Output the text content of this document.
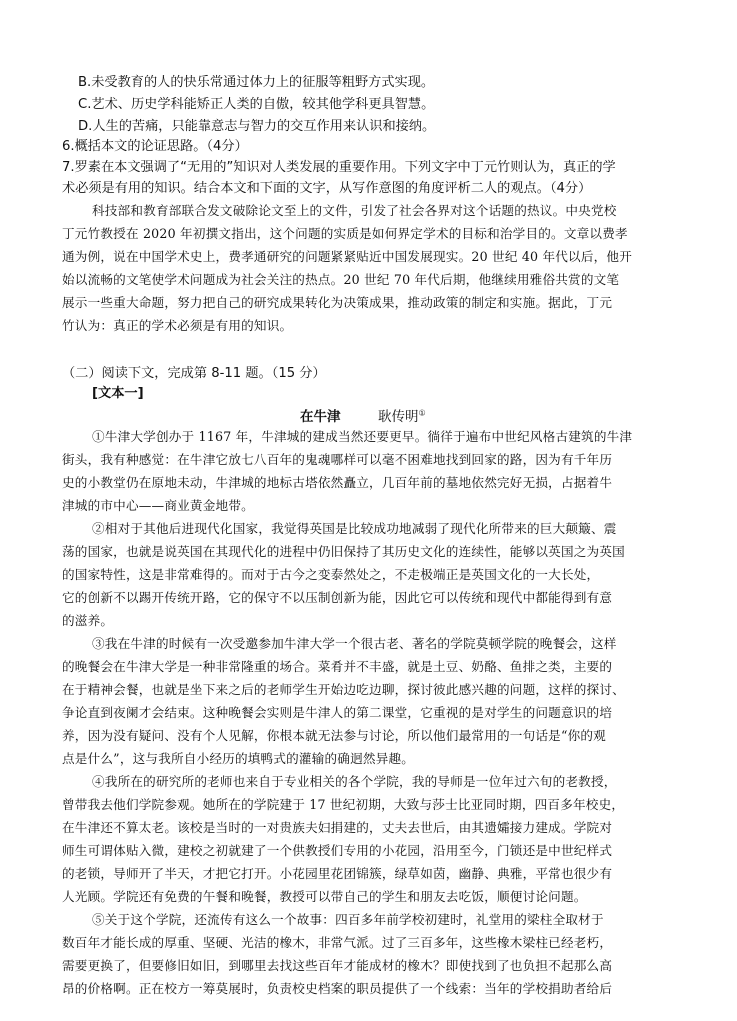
B.未受教育的人的快乐常通过体力上的征服等粗野方式实现。
C.艺术、历史学科能矫正人类的自傲，较其他学科更具智慧。
D.人生的苦痛，只能靠意志与智力的交互作用来认识和接纳。
6.概括本文的论证思路。（4分）
7.罗素在本文强调了“无用的”知识对人类发展的重要作用。下列文字中丁元竹则认为，真正的学
术必须是有用的知识。结合本文和下面的文字，从写作意图的角度评析二人的观点。（4分）
科技部和教育部联合发文破除论文至上的文件，引发了社会各界对这个话题的热议。中央党校
丁元竹教授在 2020 年初撰文指出，这个问题的实质是如何界定学术的目标和治学目的。文章以费孝
通为例，说在中国学术史上，费孝通研究的问题紧紧贴近中国发展现实。20 世纪 40 年代以后，他开
始以流畅的文笔使学术问题成为社会关注的热点。20 世纪 70 年代后期，他继续用雅俗共赏的文笔
展示一些重大命题，努力把自己的研究成果转化为决策成果，推动政策的制定和实施。据此，丁元
竹认为：真正的学术必须是有用的知识。
（二）阅读下文，完成第 8-11 题。（15 分）
[文本一]
在牛津	耿传明①
①牛津大学创办于 1167 年，牛津城的建成当然还要更早。徜徉于遍布中世纪风格古建筑的牛津
街头，我有种感觉：在牛津它放七八百年的鬼魂哪样可以毫不困难地找到回家的路，因为有千年历
史的小教堂仍在原地未动，牛津城的地标古塔依然矗立，几百年前的墓地依然完好无损，占据着牛
津城的市中心——商业黄金地带。
②相对于其他后进现代化国家，我觉得英国是比较成功地减弱了现代化所带来的巨大颠簸、震
荡的国家，也就是说英国在其现代化的进程中仍旧保持了其历史文化的连续性，能够以英国之为英国
的国家特性，这是非常难得的。而对于古今之变泰然处之，不走极端正是英国文化的一大长处，
它的创新不以踢开传统开路，它的保守不以压制创新为能，因此它可以传统和现代中都能得到有意
的滋养。
③我在牛津的时候有一次受邀参加牛津大学一个很古老、著名的学院莫顿学院的晚餐会，这样
的晚餐会在牛津大学是一种非常隆重的场合。菜肴并不丰盛，就是土豆、奶酪、鱼排之类，主要的
在于精神会餐，也就是坐下来之后的老师学生开始边吃边聊，探讨彼此感兴趣的问题，这样的探讨、
争论直到夜阑才会结束。这种晚餐会实则是牛津人的第二课堂，它重视的是对学生的问题意识的培
养，因为没有疑问、没有个人见解，你根本就无法参与讨论，所以他们最常用的一句话是“你的观
点是什么”，这与我所自小经历的填鸭式的灌输的确迥然异趣。
④我所在的研究所的老师也来自于专业相关的各个学院，我的导师是一位年过六旬的老教授，
曾带我去他们学院参观。她所在的学院建于 17 世纪初期，大致与莎士比亚同时期，四百多年校史，
在牛津还不算太老。该校是当时的一对贵族夫妇捐建的，丈夫去世后，由其遗孀接力建成。学院对
师生可谓体贴入微，建校之初就建了一个供教授们专用的小花园，沿用至今，门锁还是中世纪样式
的老锁，导师开了半天，才把它打开。小花园里花团锦簇，绿草如茵，幽静、典雅，平常也很少有
人光顾。学院还有免费的午餐和晚餐，教授可以带自己的学生和朋友去吃饭，顺便讨论问题。
⑤关于这个学院，还流传有这么一个故事：四百多年前学校初建时，礼堂用的梁柱全取材于
数百年才能长成的厚重、坚硬、光洁的橡木，非常气派。过了三百多年，这些橡木梁柱已经老朽，
需要更换了，但要修旧如旧，到哪里去找这些百年才能成材的橡木？即使找到了也负担不起那么高
昂的价格啊。正在校方一筹莫展时，负责校史档案的职员提供了一个线索：当年的学校捐助者给后
